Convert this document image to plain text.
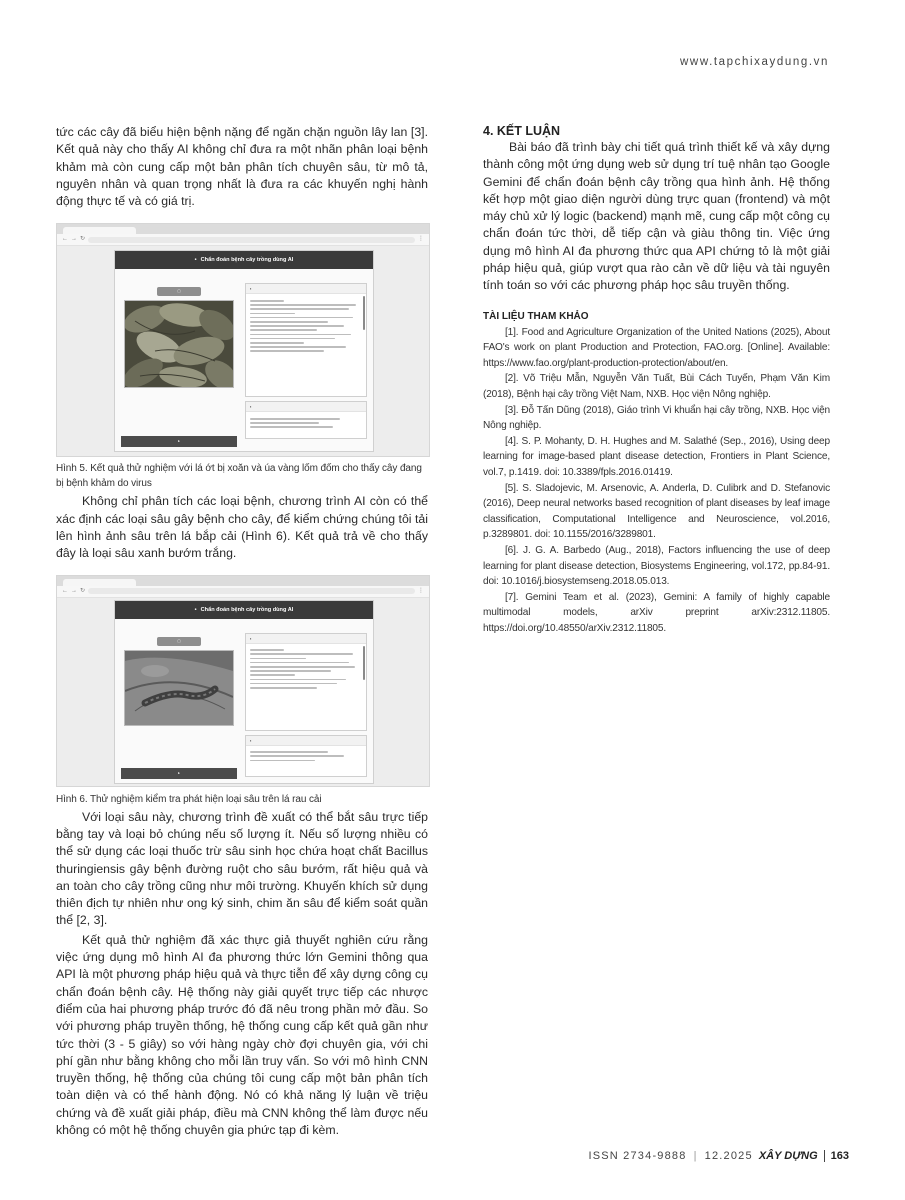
www.tapchixaydung.vn

tức các cây đã biểu hiện bệnh nặng để ngăn chặn nguồn lây lan [3]. Kết quả này cho thấy AI không chỉ đưa ra một nhãn phân loại bệnh khảm mà còn cung cấp một bản phân tích chuyên sâu, từ mô tả, nguyên nhân và quan trọng nhất là đưa ra các khuyến nghị hành động thực tế và có giá trị.

← → ↻	⋮
• Chẩn đoán bệnh cây trồng dùng AI
▢
▸
▪
▪

Hình 5. Kết quả thử nghiệm với lá ớt bị xoăn và úa vàng lốm đốm cho thấy cây đang bị bệnh khảm do virus

Không chỉ phân tích các loại bệnh, chương trình AI còn có thể xác định các loại sâu gây bệnh cho cây, để kiểm chứng chúng tôi tải lên hình ảnh sâu trên lá bắp cải (Hình 6). Kết quả trả về cho thấy đây là loại sâu xanh bướm trắng.

← → ↻	⋮
• Chẩn đoán bệnh cây trồng dùng AI
▢
▸
▪
▪

Hình 6. Thử nghiệm kiểm tra phát hiện loại sâu trên lá rau cải

Với loại sâu này, chương trình đề xuất có thể bắt sâu trực tiếp bằng tay và loại bỏ chúng nếu số lượng ít. Nếu số lượng nhiều có thể sử dụng các loại thuốc trừ sâu sinh học chứa hoạt chất Bacillus thuringiensis gây bệnh đường ruột cho sâu bướm, rất hiệu quả và an toàn cho cây trồng cũng như môi trường. Khuyến khích sử dụng thiên địch tự nhiên như ong ký sinh, chim ăn sâu để kiểm soát quần thể [2, 3].

Kết quả thử nghiệm đã xác thực giả thuyết nghiên cứu rằng việc ứng dụng mô hình AI đa phương thức lớn Gemini thông qua API là một phương pháp hiệu quả và thực tiễn để xây dựng công cụ chẩn đoán bệnh cây. Hệ thống này giải quyết trực tiếp các nhược điểm của hai phương pháp trước đó đã nêu trong phần mở đầu. So với phương pháp truyền thống, hệ thống cung cấp kết quả gần như tức thời (3 - 5 giây) so với hàng ngày chờ đợi chuyên gia, với chi phí gần như bằng không cho mỗi lần truy vấn. So với mô hình CNN truyền thống, hệ thống của chúng tôi cung cấp một bản phân tích toàn diện và có thể hành động. Nó có khả năng lý luận về triệu chứng và đề xuất giải pháp, điều mà CNN không thể làm được nếu không có một hệ thống chuyên gia phức tạp đi kèm.

4. KẾT LUẬN

Bài báo đã trình bày chi tiết quá trình thiết kế và xây dựng thành công một ứng dụng web sử dụng trí tuệ nhân tạo Google Gemini để chẩn đoán bệnh cây trồng qua hình ảnh. Hệ thống kết hợp một giao diện người dùng trực quan (frontend) và một máy chủ xử lý logic (backend) mạnh mẽ, cung cấp một công cụ chẩn đoán tức thời, dễ tiếp cận và giàu thông tin. Việc ứng dụng mô hình AI đa phương thức qua API chứng tỏ là một giải pháp hiệu quả, giúp vượt qua rào cản về dữ liệu và tài nguyên tính toán so với các phương pháp học sâu truyền thống.

TÀI LIỆU THAM KHẢO

[1]. Food and Agriculture Organization of the United Nations (2025), About FAO's work on plant Production and Protection, FAO.org. [Online]. Available: https://www.fao.org/plant-production-protection/about/en.

[2]. Võ Triệu Mẫn, Nguyễn Văn Tuất, Bùi Cách Tuyến, Phạm Văn Kim (2018), Bệnh hại cây trồng Việt Nam, NXB. Học viện Nông nghiệp.

[3]. Đỗ Tấn Dũng (2018), Giáo trình Vi khuẩn hại cây trồng, NXB. Học viện Nông nghiệp.

[4]. S. P. Mohanty, D. H. Hughes and M. Salathé (Sep., 2016), Using deep learning for image-based plant disease detection, Frontiers in Plant Science, vol.7, p.1419. doi: 10.3389/fpls.2016.01419.

[5]. S. Sladojevic, M. Arsenovic, A. Anderla, D. Culibrk and D. Stefanovic (2016), Deep neural networks based recognition of plant diseases by leaf image classification, Computational Intelligence and Neuroscience, vol.2016, p.3289801. doi: 10.1155/2016/3289801.

[6]. J. G. A. Barbedo (Aug., 2018), Factors influencing the use of deep learning for plant disease detection, Biosystems Engineering, vol.172, pp.84-91. doi: 10.1016/j.biosystemseng.2018.05.013.

[7]. Gemini Team et al. (2023), Gemini: A family of highly capable multimodal models, arXiv preprint arXiv:2312.11805. https://doi.org/10.48550/arXiv.2312.11805.

ISSN 2734-9888 | 12.2025 XÂY DỰNG	163
